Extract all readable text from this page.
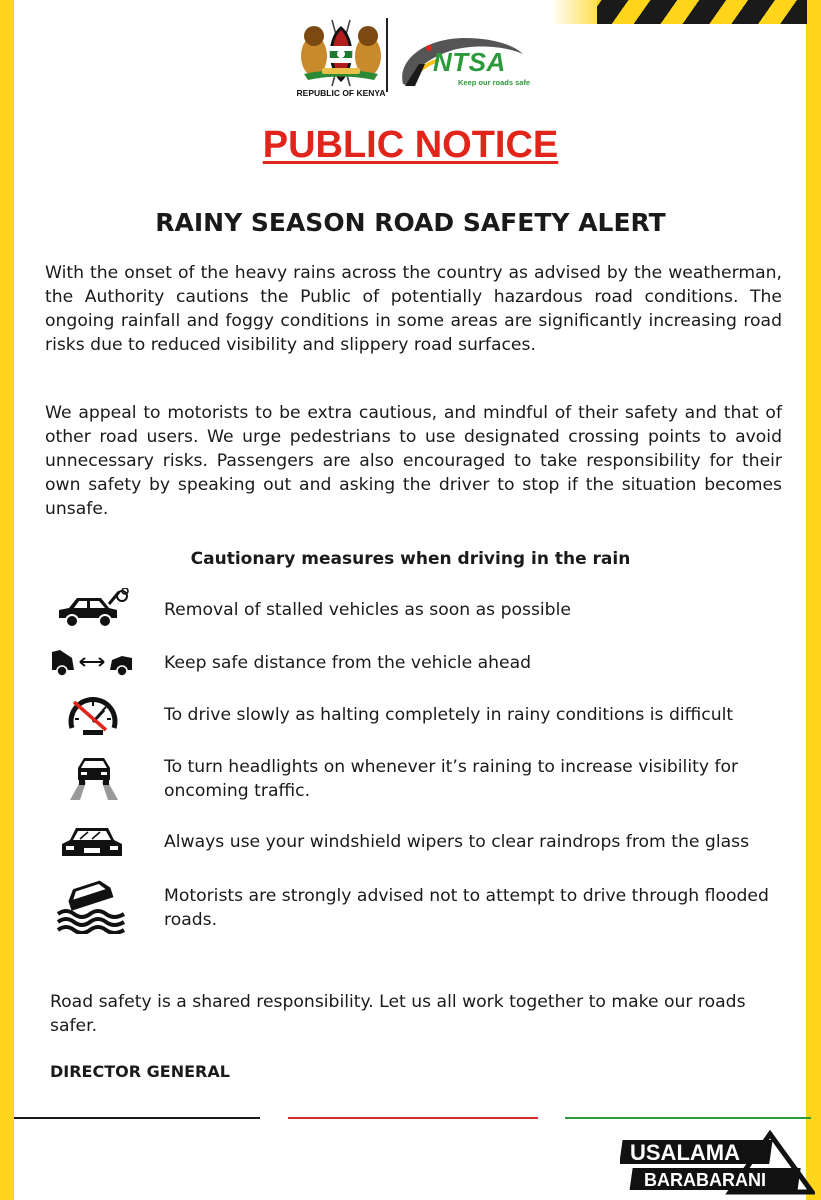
REPUBLIC OF KENYA
NTSA
Keep our roads safe
PUBLIC NOTICE
RAINY SEASON ROAD SAFETY ALERT
With the onset of the heavy rains across the country as advised by the weatherman, the Authority cautions the Public of potentially hazardous road conditions. The ongoing rainfall and foggy conditions in some areas are significantly increasing road risks due to reduced visibility and slippery road surfaces.
We appeal to motorists to be extra cautious, and mindful of their safety and that of other road users. We urge pedestrians to use designated crossing points to avoid unnecessary risks. Passengers are also encouraged to take responsibility for their own safety by speaking out and asking the driver to stop if the situation becomes unsafe.
Cautionary measures when driving in the rain
Removal of stalled vehicles as soon as possible
Keep safe distance from the vehicle ahead
To drive slowly as halting completely in rainy conditions is difficult
To turn headlights on whenever it’s raining to increase visibility for oncoming traffic.
Always use your windshield wipers to clear raindrops from the glass
Motorists are strongly advised not to attempt to drive through flooded roads.
Road safety is a shared responsibility. Let us all work together to make our roads safer.
DIRECTOR GENERAL
USALAMA
BARABARANI
